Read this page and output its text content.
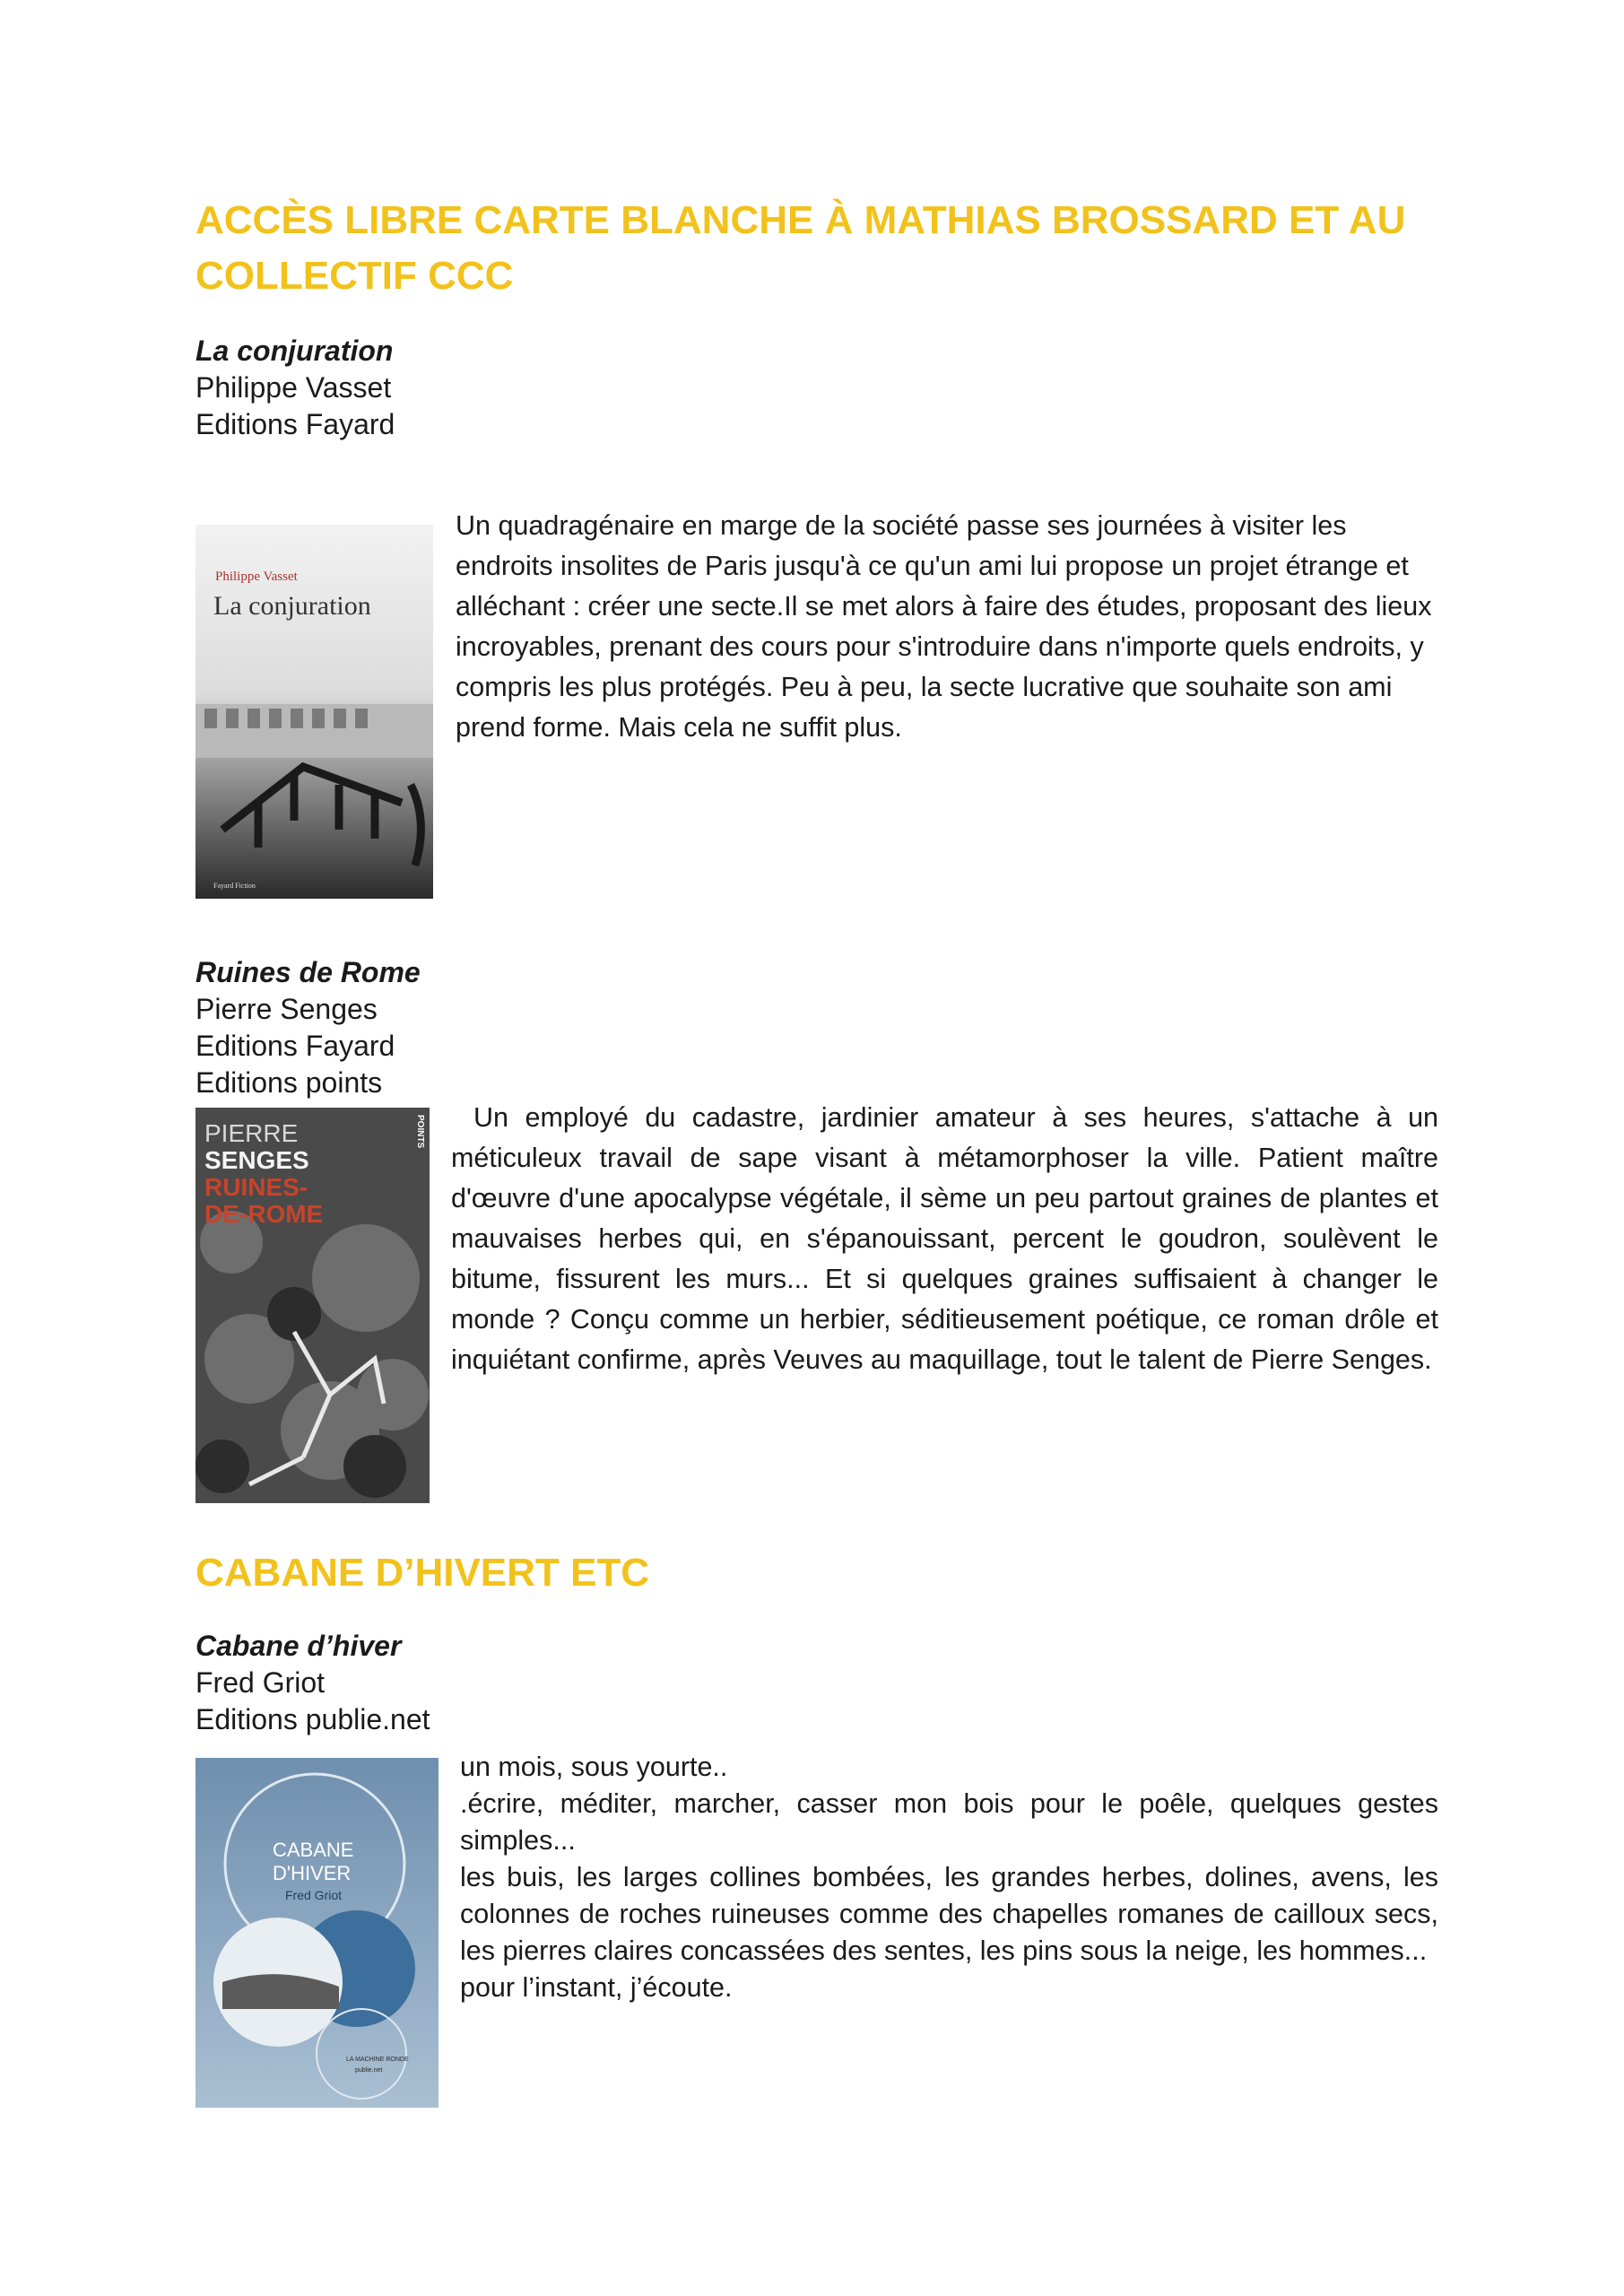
ACCÈS LIBRE CARTE BLANCHE À MATHIAS BROSSARD ET AU COLLECTIF CCC
La conjuration
Philippe Vasset
Editions Fayard
Philippe Vasset
La conjuration
Fayard Fiction

Un quadragénaire en marge de la société passe ses journées à visiter les endroits insolites de Paris jusqu'à ce qu'un ami lui propose un projet étrange et alléchant : créer une secte.Il se met alors à faire des études, proposant des lieux incroyables, prenant des cours pour s'introduire dans n'importe quels endroits, y compris les plus protégés. Peu à peu, la secte lucrative que souhaite son ami prend forme. Mais cela ne suffit plus.

Ruines de Rome
Pierre Senges
Editions Fayard
Editions points
PIERRE
SENGES
RUINES-
DE-ROME
POINTS	Un employé du cadastre, jardinier amateur à ses heures, s'attache à un méticuleux travail de sape visant à métamorphoser la ville. Patient maître d'œuvre d'une apocalypse végétale, il sème un peu partout graines de plantes et mauvaises herbes qui, en s'épanouissant, percent le goudron, soulèvent le bitume, fissurent les murs... Et si quelques graines suffisaient à changer le monde ? Conçu comme un herbier, séditieusement poétique, ce roman drôle et inquiétant confirme, après Veuves au maquillage, tout le talent de Pierre Senges.

CABANE D’HIVERT ETC
Cabane d’hiver
Fred Griot
Editions publie.net
CABANE
D'HIVER
Fred Griot
LA MACHINE RONDE
publie.net
un mois, sous yourte..
.écrire, méditer, marcher, casser mon bois pour le poêle, quelques gestes simples...
les buis, les larges collines bombées, les grandes herbes, dolines, avens, les colonnes de roches ruineuses comme des chapelles romanes de cailloux secs, les pierres claires concassées des sentes, les pins sous la neige, les hommes...
pour l’instant, j’écoute.
